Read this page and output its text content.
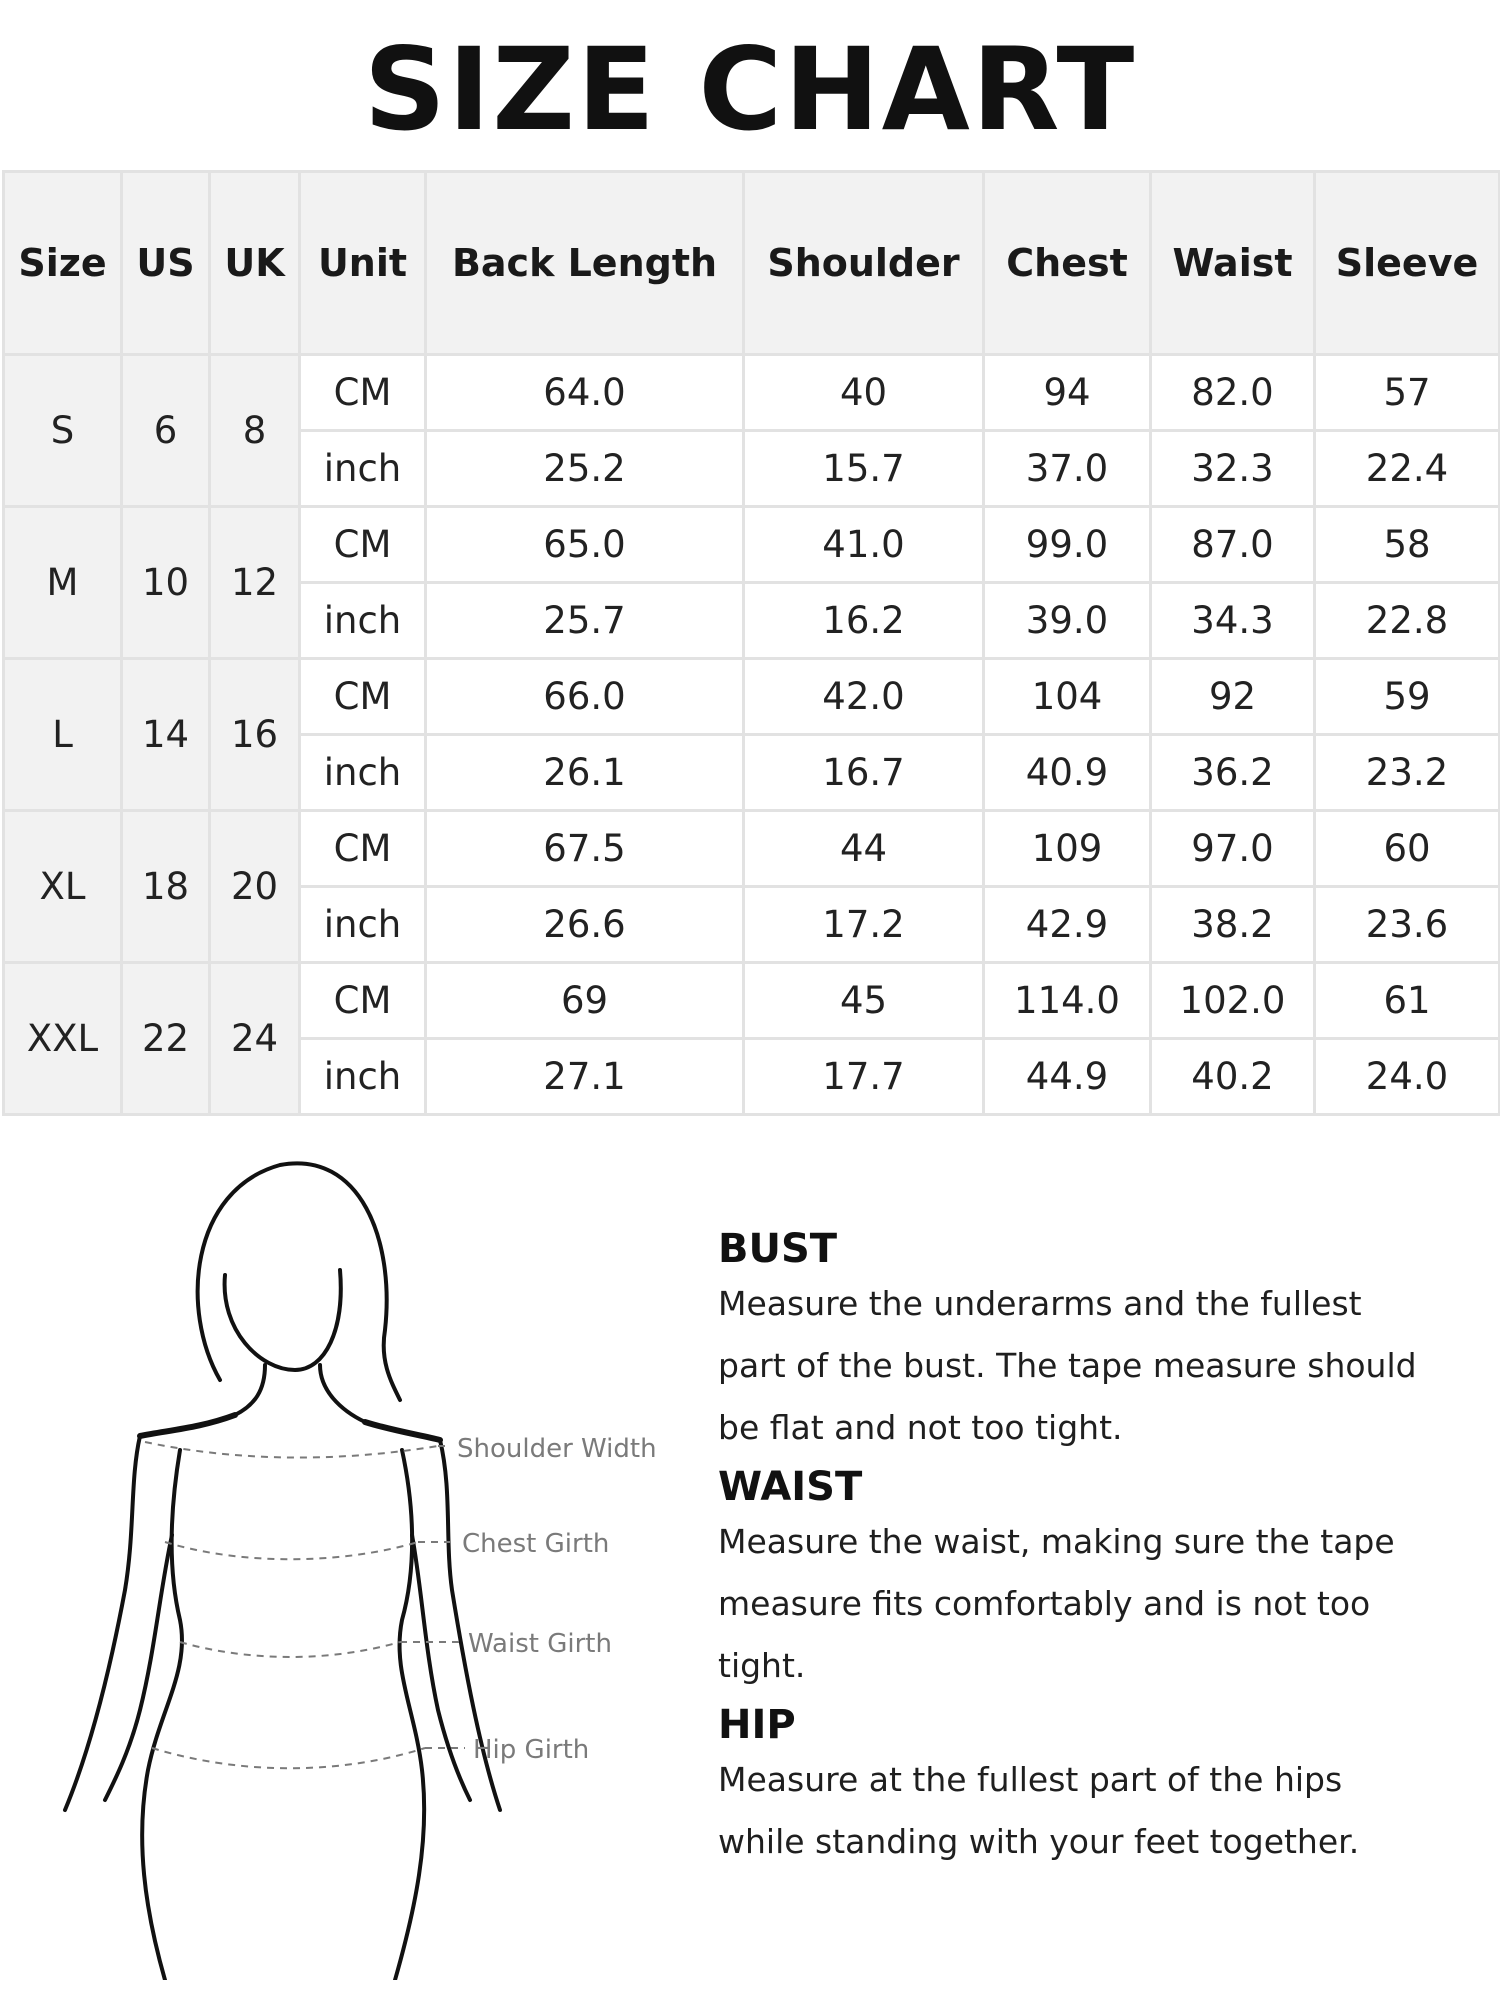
SIZE CHART
Size	US	UK	Unit	Back Length	Shoulder	Chest	Waist	Sleeve
S	6	8	CM	64.0	40	94	82.0	57
			inch	25.2	15.7	37.0	32.3	22.4
M	10	12	CM	65.0	41.0	99.0	87.0	58
			inch	25.7	16.2	39.0	34.3	22.8
L	14	16	CM	66.0	42.0	104	92	59
			inch	26.1	16.7	40.9	36.2	23.2
XL	18	20	CM	67.5	44	109	97.0	60
			inch	26.6	17.2	42.9	38.2	23.6
XXL	22	24	CM	69	45	114.0	102.0	61
			inch	27.1	17.7	44.9	40.2	24.0
Shoulder Width
Chest Girth
Waist Girth
Hip Girth
BUST
Measure the underarms and the fullest
part of the bust. The tape measure should
be flat and not too tight.
WAIST
Measure the waist, making sure the tape
measure fits comfortably and is not too
tight.
HIP
Measure at the fullest part of the hips
while standing with your feet together.
